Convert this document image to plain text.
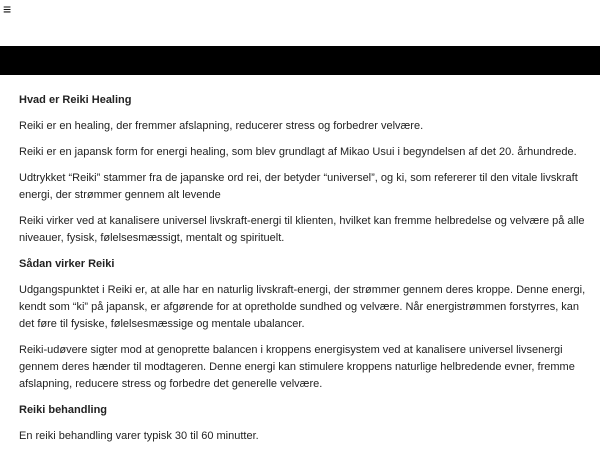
≡
Hvad er Reiki Healing

Reiki er en healing, der fremmer afslapning, reducerer stress og forbedrer velvære.

Reiki er en japansk form for energi healing, som blev grundlagt af Mikao Usui i begyndelsen af det 20. århundrede.

Udtrykket “Reiki” stammer fra de japanske ord rei, der betyder “universel”, og ki, som refererer til den vitale livskraft energi, der strømmer gennem alt levende

Reiki virker ved at kanalisere universel livskraft-energi til klienten, hvilket kan fremme helbredelse og velvære på alle niveauer, fysisk, følelsesmæssigt, mentalt og spirituelt.

Sådan virker Reiki

Udgangspunktet i Reiki er, at alle har en naturlig livskraft-energi, der strømmer gennem deres kroppe. Denne energi, kendt som “ki” på japansk, er afgørende for at opretholde sundhed og velvære. Når energistrømmen forstyrres, kan det føre til fysiske, følelsesmæssige og mentale ubalancer.

Reiki-udøvere sigter mod at genoprette balancen i kroppens energisystem ved at kanalisere universel livsenergi gennem deres hænder til modtageren. Denne energi kan stimulere kroppens naturlige helbredende evner, fremme afslapning, reducere stress og forbedre det generelle velvære.

Reiki behandling

En reiki behandling varer typisk 30 til 60 minutter.
